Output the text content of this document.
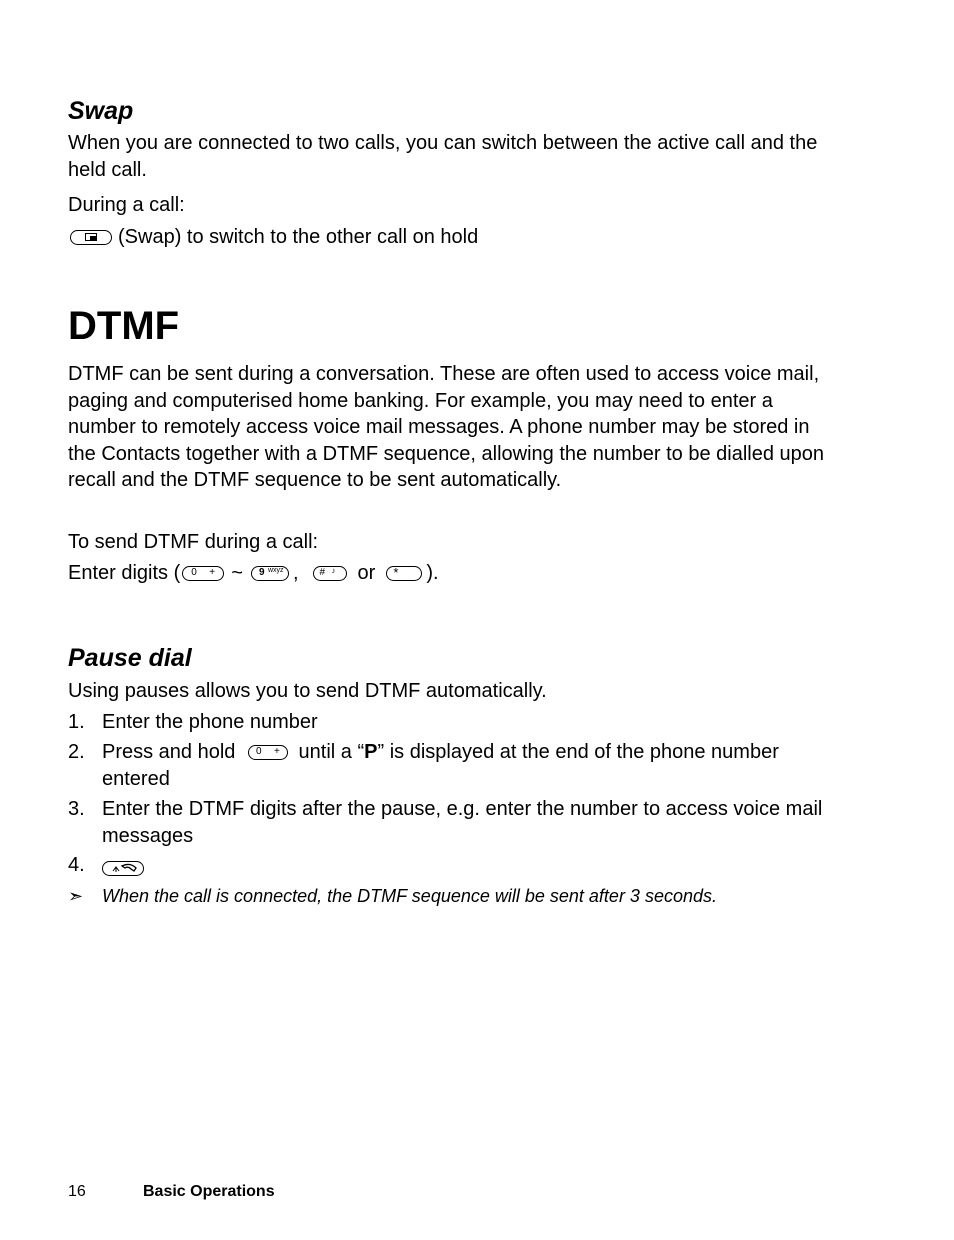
Swap

When you are connected to two calls, you can switch between the active call and the held call.

During a call:

(Swap) to switch to the other call on hold
DTMF

DTMF can be sent during a conversation. These are often used to access voice mail, paging and computerised home banking. For example, you may need to enter a number to remotely access voice mail messages. A phone number may be stored in the Contacts together with a DTMF sequence, allowing the number to be dialled upon recall and the DTMF sequence to be sent automatically.

To send DTMF during a call:

Enter digits ( 0 + ~ 9 wxyz , # ♪ or * ).
Pause dial

Using pauses allows you to send DTMF automatically.

1. Enter the phone number
2. Press and hold 0 + until a “P” is displayed at the end of the phone number entered
3. Enter the DTMF digits after the pause, e.g. enter the number to access voice mail messages
4.
➣ When the call is connected, the DTMF sequence will be sent after 3 seconds.
16	Basic Operations
